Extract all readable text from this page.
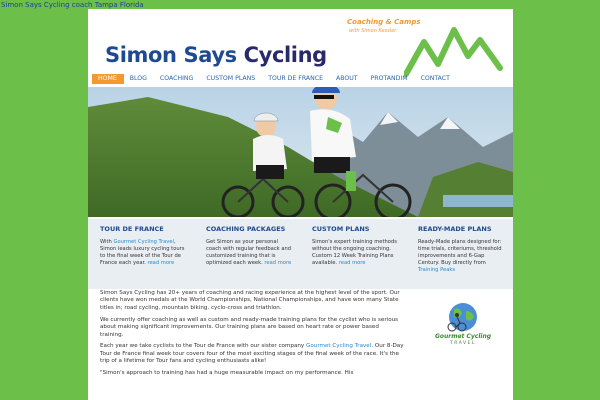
Simon Says Cycling coach Tampa Florida
Simon Says Cycling
Coaching & Camps
with Simon Kessler
HOME	BLOG	COACHING	CUSTOM PLANS	TOUR DE FRANCE	ABOUT	PROTANDIM	CONTACT
TOUR DE FRANCE

With Gourmet Cycling Travel, Simon leads luxury cycling tours to the final week of the Tour de France each year. read more

COACHING PACKAGES

Get Simon as your personal coach with regular feedback and customized training that is optimized each week. read more

CUSTOM PLANS

Simon's expert training methods without the ongoing coaching. Custom 12 Week Training Plans available. read more

READY-MADE PLANS

Ready-Made plans designed for: time trials, criteriums, threshold improvements and 6-Gap Century. Buy directly from Training Peaks

Simon Says Cycling has 20+ years of coaching and racing experience at the highest level of the sport. Our clients have won medals at the World Championships, National Championships, and have won many State titles in; road cycling, mountain biking, cyclo-cross and triathlon.

We currently offer coaching as well as custom and ready-made training plans for the cyclist who is serious about making significant improvements. Our training plans are based on heart rate or power based training.

Each year we take cyclists to the Tour de France with our sister company Gourmet Cycling Travel. Our 8-Day Tour de France final week tour covers four of the most exciting stages of the final week of the race. It's the trip of a lifetime for Tour fans and cycling enthusiasts alike!

"Simon's approach to training has had a huge measurable impact on my performance. His

Gourmet Cycling
TRAVEL
